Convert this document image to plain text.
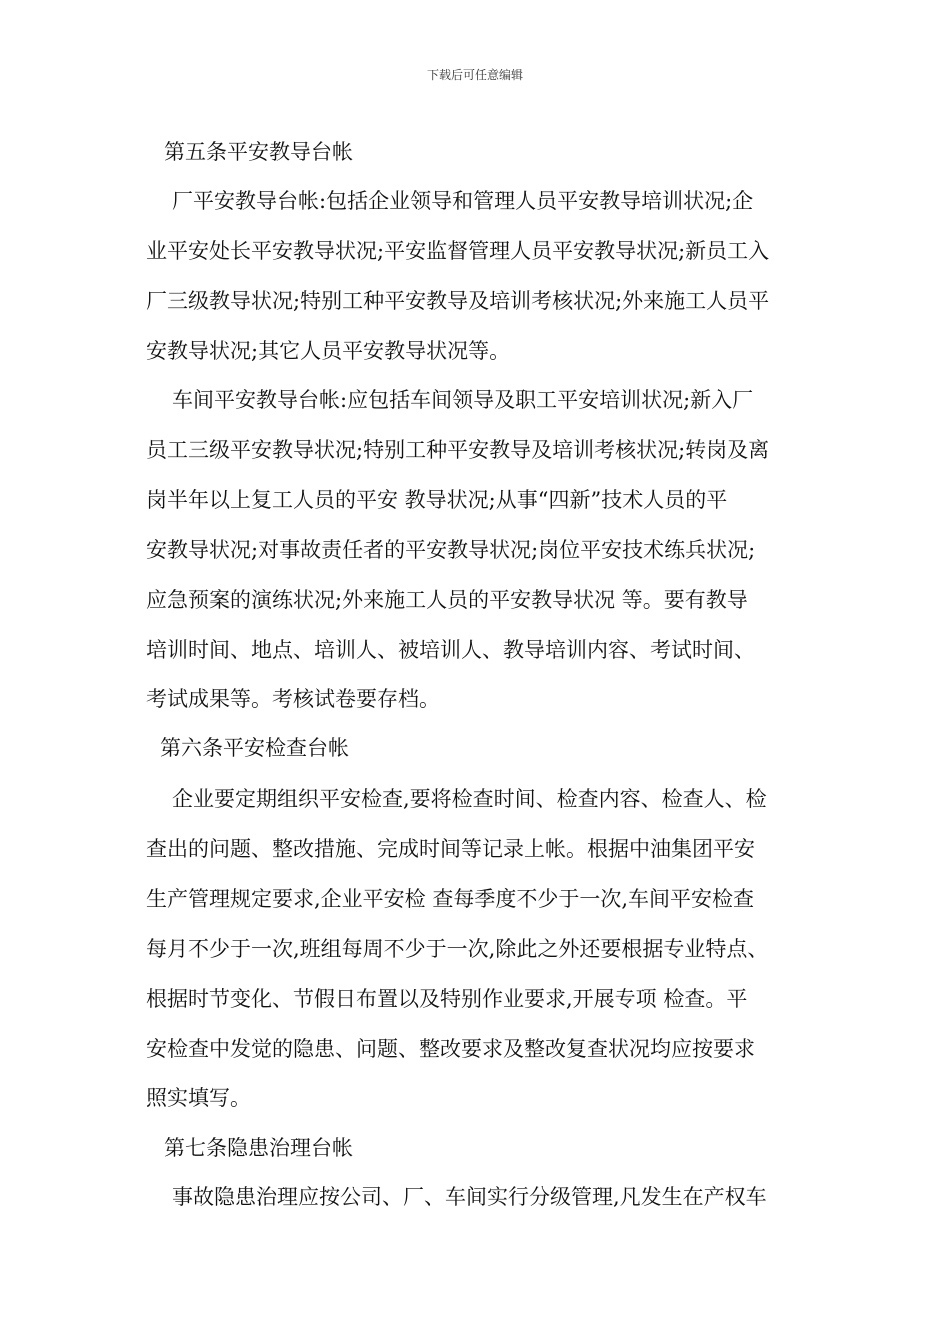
下载后可任意编辑
第五条平安教导台帐
厂平安教导台帐:包括企业领导和管理人员平安教导培训状况;企
业平安处长平安教导状况;平安监督管理人员平安教导状况;新员工入
厂三级教导状况;特别工种平安教导及培训考核状况;外来施工人员平
安教导状况;其它人员平安教导状况等。
车间平安教导台帐:应包括车间领导及职工平安培训状况;新入厂
员工三级平安教导状况;特别工种平安教导及培训考核状况;转岗及离
岗半年以上复工人员的平安 教导状况;从事“四新”技术人员的平
安教导状况;对事故责任者的平安教导状况;岗位平安技术练兵状况;
应急预案的演练状况;外来施工人员的平安教导状况 等。要有教导
培训时间、地点、培训人、被培训人、教导培训内容、考试时间、
考试成果等。考核试卷要存档。
第六条平安检查台帐
企业要定期组织平安检查,要将检查时间、检查内容、检查人、检
查出的问题、整改措施、完成时间等记录上帐。根据中油集团平安
生产管理规定要求,企业平安检 查每季度不少于一次,车间平安检查
每月不少于一次,班组每周不少于一次,除此之外还要根据专业特点、
根据时节变化、节假日布置以及特别作业要求,开展专项 检查。平
安检查中发觉的隐患、问题、整改要求及整改复查状况均应按要求
照实填写。
第七条隐患治理台帐
事故隐患治理应按公司、厂、车间实行分级管理,凡发生在产权车
